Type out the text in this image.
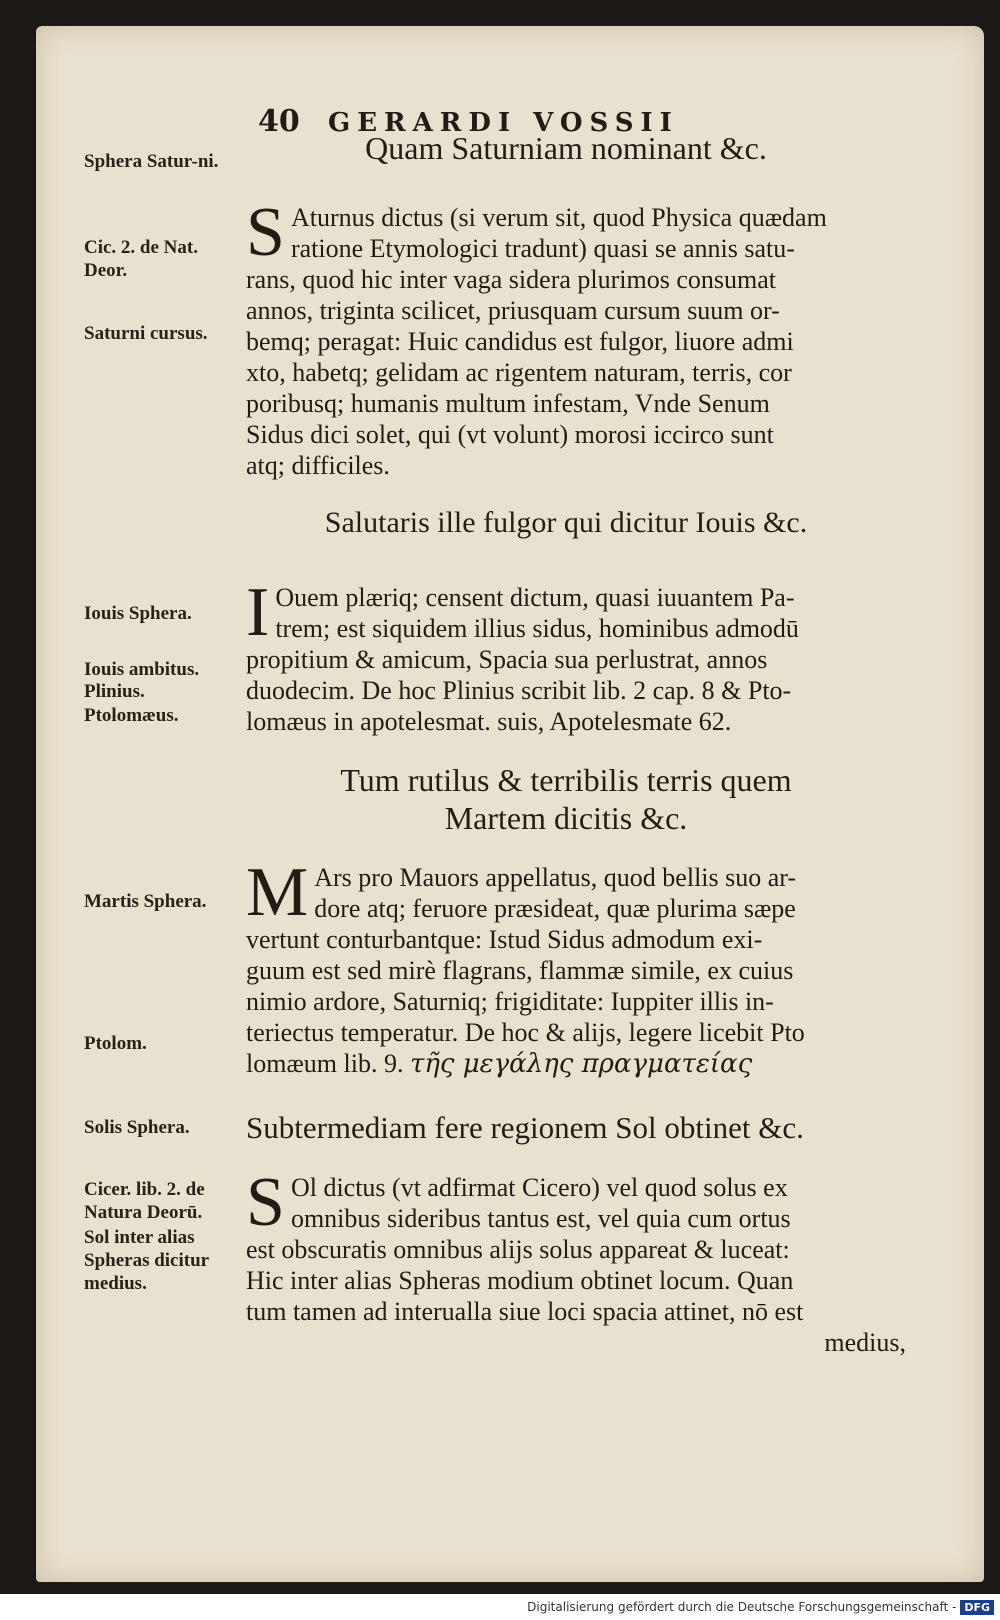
40	GERARDI VOSSII
Quam Saturniam nominant &c.
Sphera Satur-ni.
Cic. 2. de Nat. Deor.
Saturni cursus.
S Aturnus dictus (si verum sit, quod Physica quædam
ratione Etymologici tradunt) quasi se annis satu-
rans, quod hic inter vaga sidera plurimos consumat
annos, triginta scilicet, priusquam cursum suum or-
bemq; peragat: Huic candidus est fulgor, liuore admi
xto, habetq; gelidam ac rigentem naturam, terris, cor
poribusq; humanis multum infestam, Vnde Senum
Sidus dici solet, qui (vt volunt) morosi iccirco sunt
atq; difficiles.
Salutaris ille fulgor qui dicitur Iouis &c.
Iouis Sphera.
Iouis ambitus.
Plinius.
Ptolomæus.
I Ouem plæriq; censent dictum, quasi iuuantem Pa-
trem; est siquidem illius sidus, hominibus admodū
propitium & amicum, Spacia sua perlustrat, annos
duodecim. De hoc Plinius scribit lib. 2 cap. 8 & Pto-
lomæus in apotelesmat. suis, Apotelesmate 62.
Tum rutilus & terribilis terris quem
Martem dicitis &c.
Martis Sphera.
Ptolom.
M Ars pro Mauors appellatus, quod bellis suo ar-
dore atq; feruore præsideat, quæ plurima sæpe
vertunt conturbantque: Istud Sidus admodum exi-
guum est sed mirè flagrans, flammæ simile, ex cuius
nimio ardore, Saturniq; frigiditate: Iuppiter illis in-
teriectus temperatur. De hoc & alijs, legere licebit Pto
lomæum lib. 9. τῆς μεγάλης πραγματείας
Solis Sphera.
Cicer. lib. 2. de Natura Deorū.
Sol inter alias Spheras dicitur medius.
Subtermediam fere regionem Sol obtinet &c.
S Ol dictus (vt adfirmat Cicero) vel quod solus ex
omnibus sideribus tantus est, vel quia cum ortus
est obscuratis omnibus alijs solus appareat & luceat:
Hic inter alias Spheras modium obtinet locum. Quan
tum tamen ad interualla siue loci spacia attinet, nō est
medius,
Digitalisierung gefördert durch die Deutsche Forschungsgemeinschaft - DFG
